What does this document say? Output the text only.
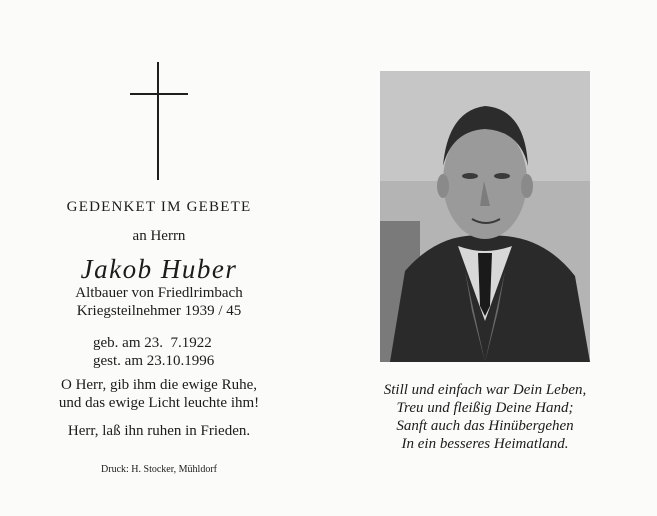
GEDENKET IM GEBETE
an Herrn
Jakob Huber
Altbauer von Friedlrimbach
Kriegsteilnehmer 1939 / 45
geb. am 23.  7.1922
gest. am 23.10.1996
O Herr, gib ihm die ewige Ruhe,
und das ewige Licht leuchte ihm!
Herr, laß ihn ruhen in Frieden.
Druck: H. Stocker, Mühldorf
Still und einfach war Dein Leben,
Treu und fleißig Deine Hand;
Sanft auch das Hinübergehen
In ein besseres Heimatland.
